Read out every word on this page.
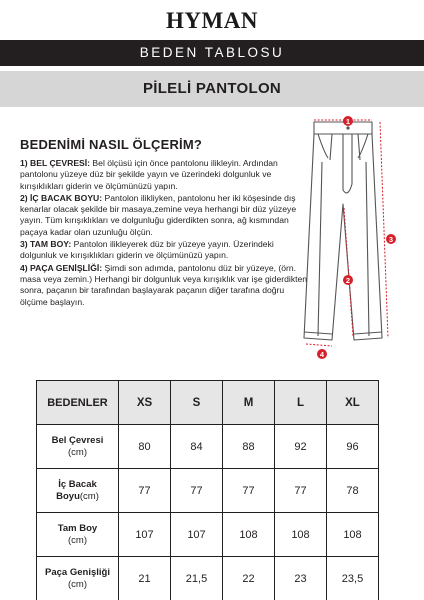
HYMAN
BEDEN TABLOSU
PİLELİ PANTOLON
BEDENİMİ NASIL ÖLÇERİM?

1) BEL ÇEVRESİ: Bel ölçüsü için önce pantolonu ilikleyin. Ardından pantolonu yüzeye düz bir şekilde yayın ve üzerindeki dolgunluk ve kırışıklıkları giderin ve ölçümünüzü yapın.

2) İÇ BACAK BOYU: Pantolon ilikliyken, pantolonu her iki köşesinde dış kenarlar olacak şekilde bir masaya,zemine veya herhangi bir düz yüzeye yayın. Tüm kırışıklıkları ve dolgunluğu giderdikten sonra, ağ kısmından paçaya kadar olan uzunluğu ölçün.

3) TAM BOY: Pantolon ilikleyerek düz bir yüzeye yayın. Üzerindeki dolgunluk ve kırışıklıkları giderin ve ölçümünüzü yapın.

4) PAÇA GENİŞLİĞİ: Şimdi son adımda, pantolonu düz bir yüzeye, (örn. masa veya zemin.) Herhangi bir dolgunluk veya kırışıklık var işe giderdikten sonra, paçanın bir tarafından başlayarak paçanın diğer tarafına doğru ölçüme başlayın.

1
2
3
4
BEDENLER	XS	S	M	L	XL
Bel Çevresi
(cm)	80	84	88	92	96
İç Bacak Boyu(cm)	77	77	77	77	78
Tam Boy
(cm)	107	107	108	108	108
Paça Genişliği
(cm)	21	21,5	22	23	23,5
